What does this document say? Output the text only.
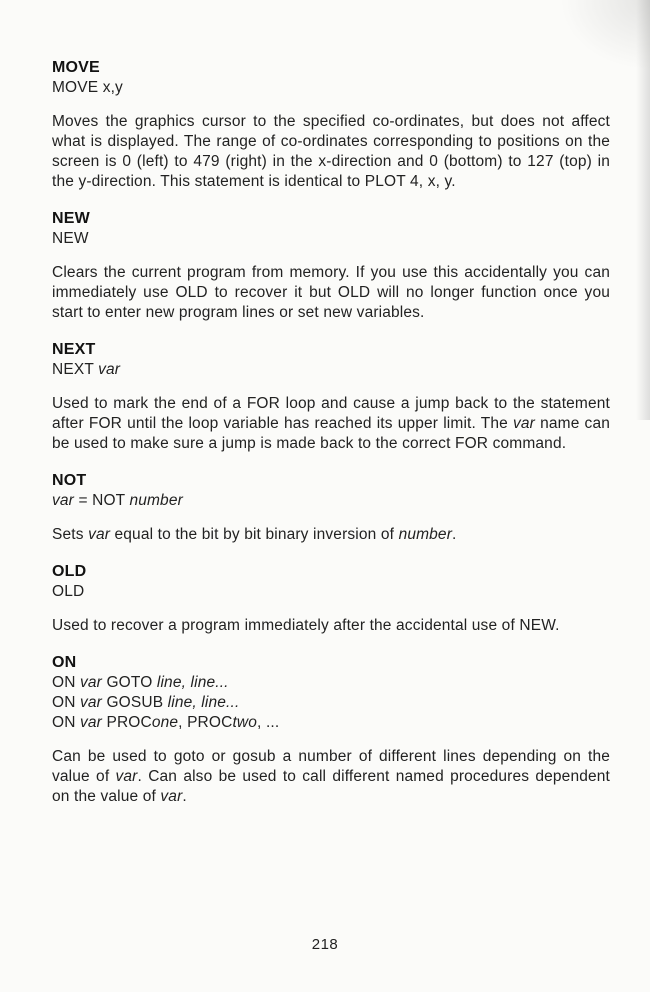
MOVE
MOVE x,y

Moves the graphics cursor to the specified co-ordinates, but does not affect what is displayed. The range of co-ordinates corresponding to positions on the screen is 0 (left) to 479 (right) in the x-direction and 0 (bottom) to 127 (top) in the y-direction. This statement is identical to PLOT 4, x, y.

NEW
NEW

Clears the current program from memory. If you use this accidentally you can immediately use OLD to recover it but OLD will no longer function once you start to enter new program lines or set new variables.

NEXT
NEXT var

Used to mark the end of a FOR loop and cause a jump back to the statement after FOR until the loop variable has reached its upper limit. The var name can be used to make sure a jump is made back to the correct FOR command.

NOT
var = NOT number

Sets var equal to the bit by bit binary inversion of number.

OLD
OLD

Used to recover a program immediately after the accidental use of NEW.

ON
ON var GOTO line, line...
ON var GOSUB line, line...
ON var PROCone, PROCtwo, ...

Can be used to goto or gosub a number of different lines depending on the value of var. Can also be used to call different named procedures dependent on the value of var.

218
